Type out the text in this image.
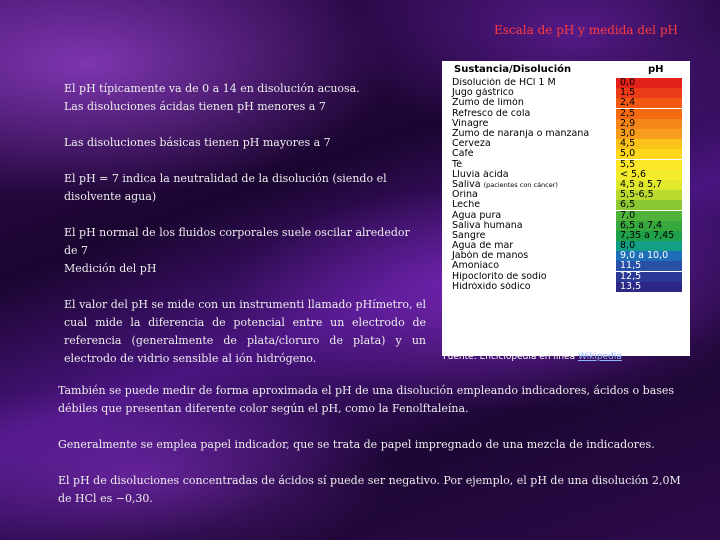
Escala de pH y medida del pH

El pH típicamente va de 0 a 14 en disolución acuosa.

Las disoluciones ácidas tienen pH menores a 7

Las disoluciones básicas tienen pH mayores a 7

El pH = 7 indica la neutralidad de la disolución (siendo el disolvente agua)

El pH normal de los fluidos corporales suele oscilar alrededor de 7

Medición del pH

El valor del pH se mide con un instrumenti llamado pHímetro, el cual mide la diferencia de potencial entre un electrodo de referencia (generalmente de plata/cloruro de plata) y un electrodo de vidrio sensible al ión hidrógeno.

Sustancia/Disolución	pH
Disolución de HCl 1 M	0,0
Jugo gástrico	1,5
Zumo de limón	2,4
Refresco de cola	2,5
Vinagre	2,9
Zumo de naranja o manzana	3,0
Cerveza	4,5
Café	5,0
Té	5,5
Lluvia ácida	< 5,6
Saliva (pacientes con cáncer)	4,5 a 5,7
Orina	5,5-6,5
Leche	6,5
Agua pura	7,0
Saliva humana	6,5 a 7,4
Sangre	7,35 a 7,45
Agua de mar	8,0
Jabón de manos	9,0 a 10,0
Amoníaco	11,5
Hipoclorito de sodio	12,5
Hidróxido sódico	13,5
Fuente: Enciclopedia en línea Wikipedia

También se puede medir de forma aproximada el pH de una disolución empleando indicadores, ácidos o bases débiles que presentan diferente color según el pH, como la Fenolftaleína.

Generalmente se emplea papel indicador, que se trata de papel impregnado de una mezcla de indicadores.

El pH de disoluciones concentradas de ácidos sí puede ser negativo. Por ejemplo, el pH de una disolución 2,0M de HCl es −0,30.
